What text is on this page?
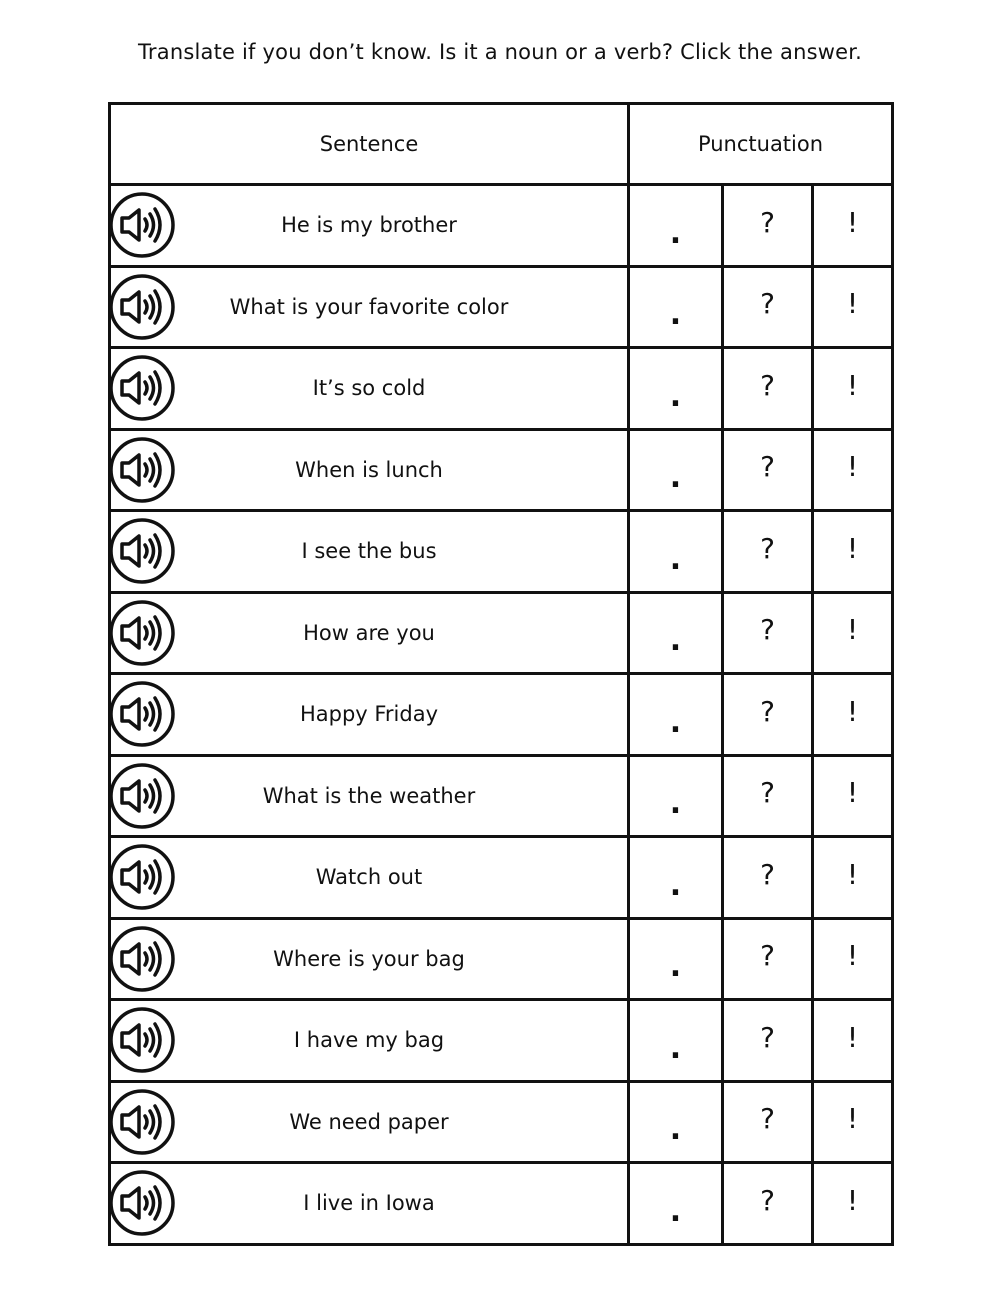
Translate if you don’t know. Is it a noun or a verb? Click the answer.
Sentence	Punctuation		

He is my brother	.	?	!

What is your favorite color	.	?	!

It’s so cold	.	?	!

When is lunch	.	?	!

I see the bus	.	?	!

How are you	.	?	!

Happy Friday	.	?	!

What is the weather	.	?	!

Watch out	.	?	!

Where is your bag	.	?	!

I have my bag	.	?	!

We need paper	.	?	!

I live in Iowa	.	?	!
